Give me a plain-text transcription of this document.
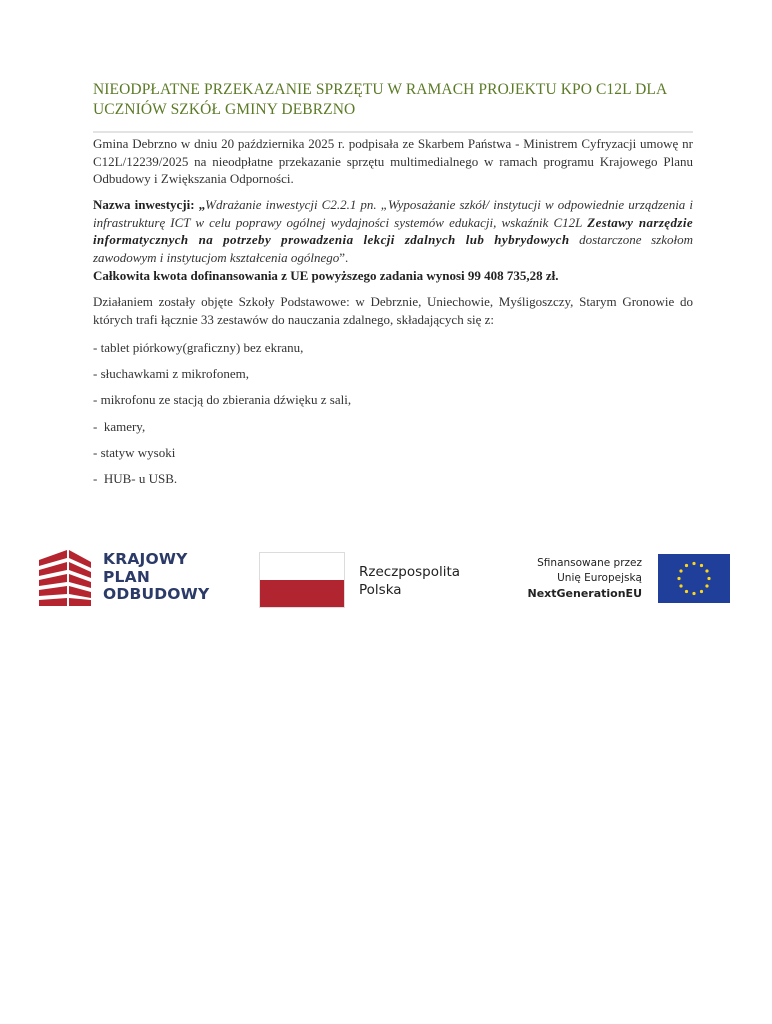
NIEODPŁATNE PRZEKAZANIE SPRZĘTU W RAMACH PROJEKTU KPO C12L DLA UCZNIÓW SZKÓŁ GMINY DEBRZNO

Gmina Debrzno w dniu 20 października 2025 r. podpisała ze Skarbem Państwa - Ministrem Cyfryzacji umowę nr C12L/12239/2025 na nieodpłatne przekazanie sprzętu multimedialnego w ramach programu Krajowego Planu Odbudowy i Zwiększania Odporności.

Nazwa inwestycji: „Wdrażanie inwestycji C2.2.1 pn. „Wyposażanie szkół/ instytucji w odpowiednie urządzenia i infrastrukturę ICT w celu poprawy ogólnej wydajności systemów edukacji, wskaźnik C12L Zestawy narzędzie informatycznych na potrzeby prowadzenia lekcji zdalnych lub hybrydowych dostarczone szkołom zawodowym i instytucjom kształcenia ogólnego”.

Całkowita kwota dofinansowania z UE powyższego zadania wynosi 99 408 735,28 zł.

Działaniem zostały objęte Szkoły Podstawowe: w Debrznie, Uniechowie, Myśligoszczy, Starym Gronowie do których trafi łącznie 33 zestawów do nauczania zdalnego, składających się z:

- tablet piórkowy(graficzny) bez ekranu,
- słuchawkami z mikrofonem,
- mikrofonu ze stacją do zbierania dźwięku z sali,
-  kamery,
- statyw wysoki
-  HUB- u USB.
KRAJOWY
PLAN
ODBUDOWY
Rzeczpospolita
Polska
Sfinansowane przez
Unię Europejską
NextGenerationEU
